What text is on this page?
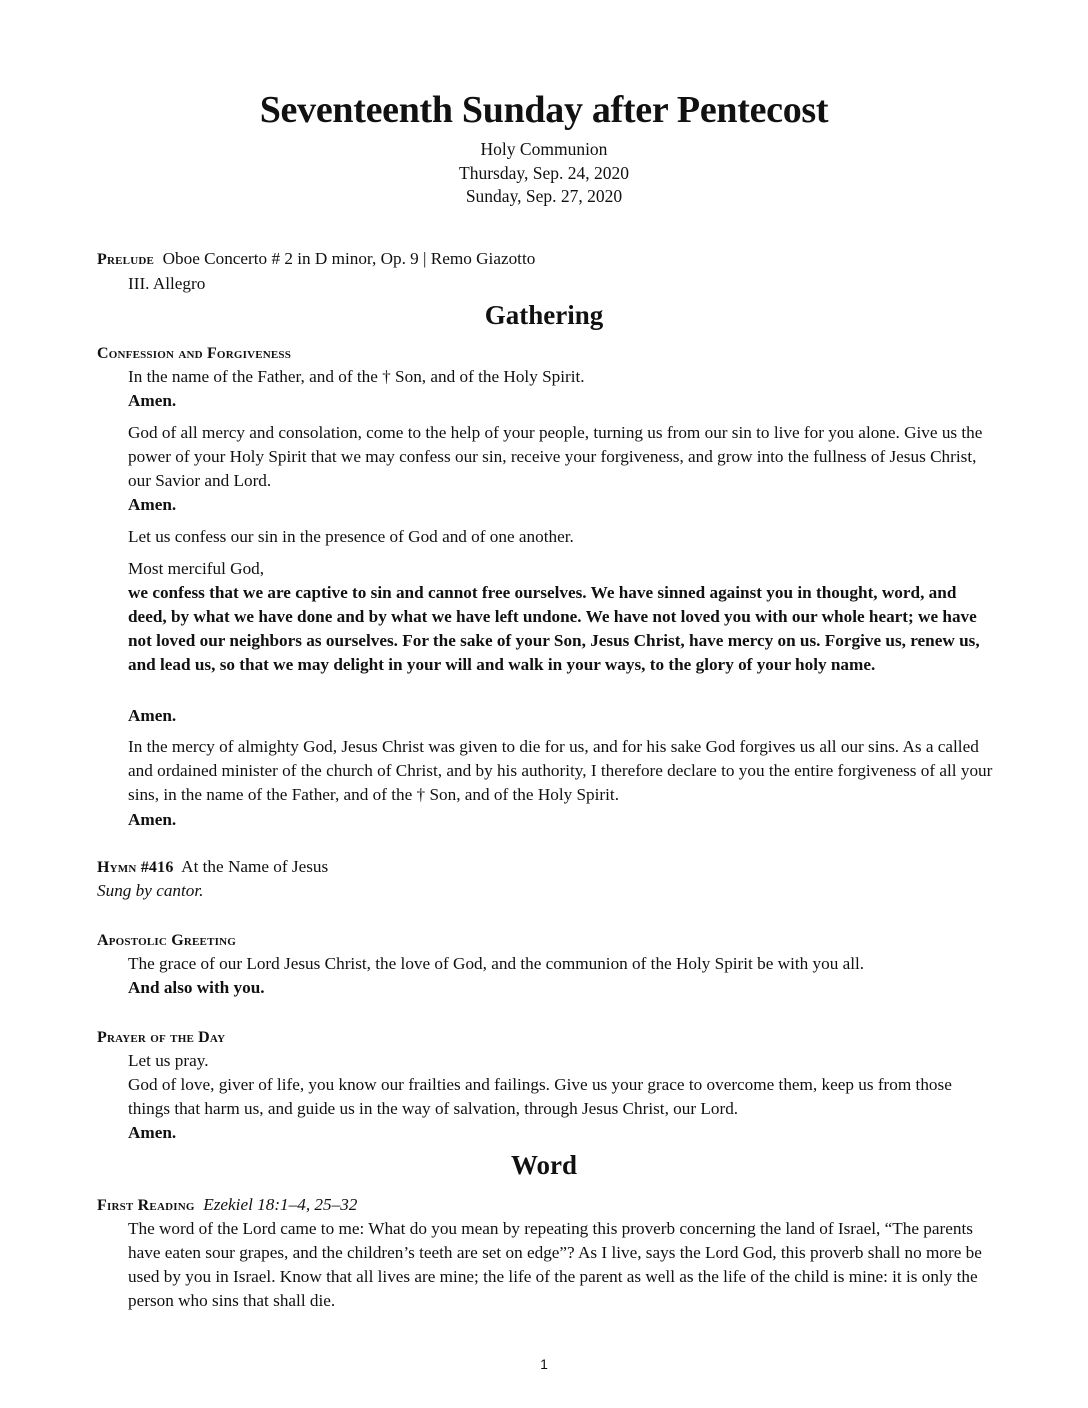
Seventeenth Sunday after Pentecost
Holy Communion
Thursday, Sep. 24, 2020
Sunday, Sep. 27, 2020
Prelude Oboe Concerto # 2 in D minor, Op. 9 | Remo Giazotto
III. Allegro
Gathering
Confession and Forgiveness
In the name of the Father, and of the † Son, and of the Holy Spirit.
Amen.
God of all mercy and consolation, come to the help of your people, turning us from our sin to live for you alone. Give us the power of your Holy Spirit that we may confess our sin, receive your forgiveness, and grow into the fullness of Jesus Christ, our Savior and Lord.
Amen.
Let us confess our sin in the presence of God and of one another.
Most merciful God,
we confess that we are captive to sin and cannot free ourselves. We have sinned against you in thought, word, and deed, by what we have done and by what we have left undone. We have not loved you with our whole heart; we have not loved our neighbors as ourselves. For the sake of your Son, Jesus Christ, have mercy on us. Forgive us, renew us, and lead us, so that we may delight in your will and walk in your ways, to the glory of your holy name.
Amen.
In the mercy of almighty God, Jesus Christ was given to die for us, and for his sake God forgives us all our sins. As a called and ordained minister of the church of Christ, and by his authority, I therefore declare to you the entire forgiveness of all your sins, in the name of the Father, and of the † Son, and of the Holy Spirit.
Amen.
Hymn #416 At the Name of Jesus
Sung by cantor.
Apostolic Greeting
The grace of our Lord Jesus Christ, the love of God, and the communion of the Holy Spirit be with you all.
And also with you.
Prayer of the Day
Let us pray.
God of love, giver of life, you know our frailties and failings. Give us your grace to overcome them, keep us from those things that harm us, and guide us in the way of salvation, through Jesus Christ, our Lord.
Amen.
Word
First Reading Ezekiel 18:1–4, 25–32
The word of the Lord came to me: What do you mean by repeating this proverb concerning the land of Israel, “The parents have eaten sour grapes, and the children’s teeth are set on edge”? As I live, says the Lord God, this proverb shall no more be used by you in Israel. Know that all lives are mine; the life of the parent as well as the life of the child is mine: it is only the person who sins that shall die.
1
